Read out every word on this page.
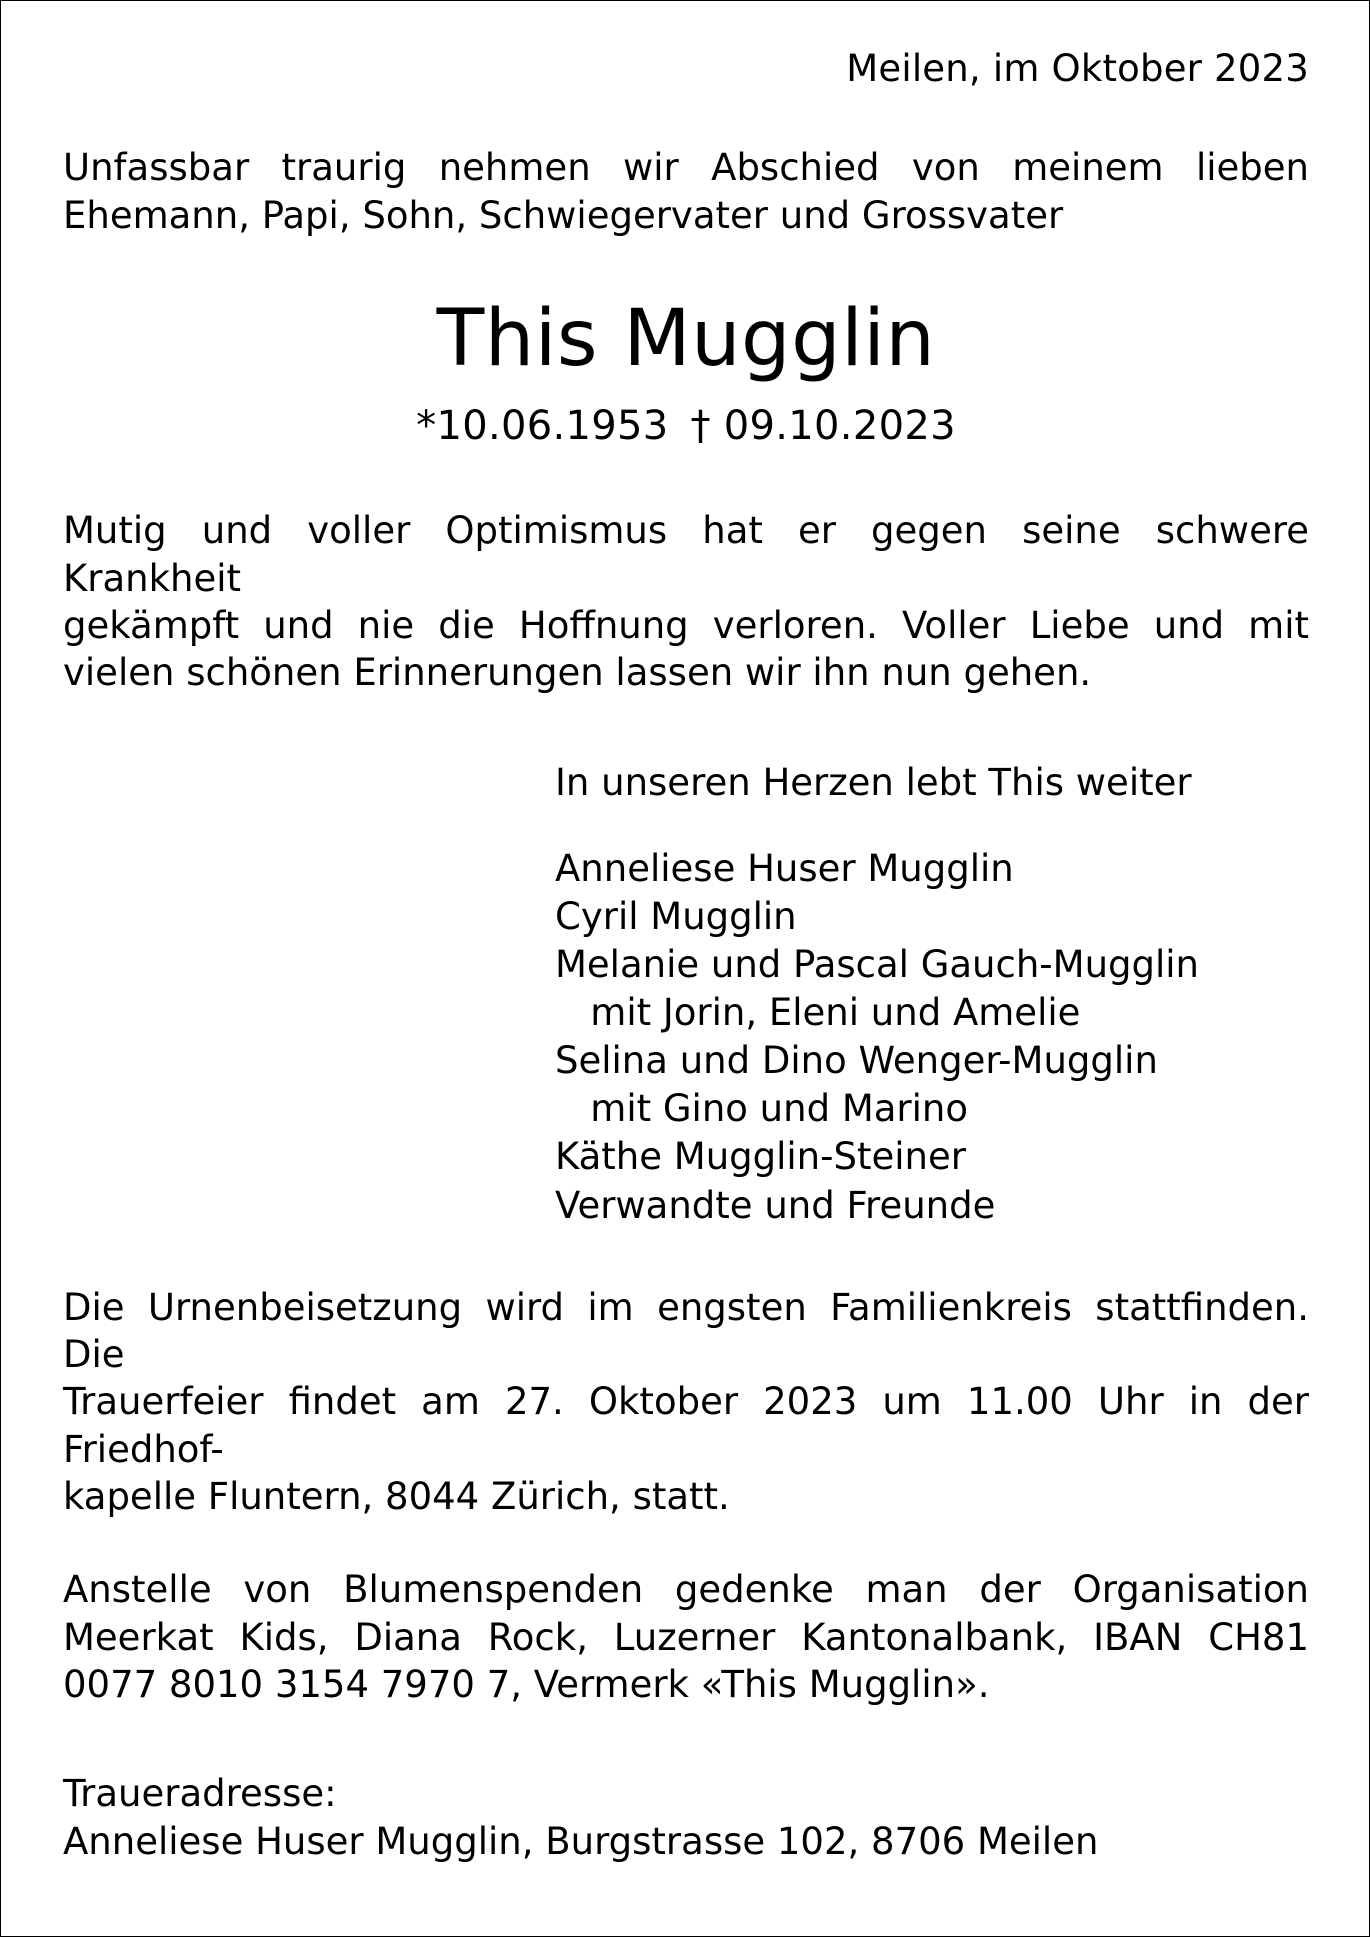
Meilen, im Oktober 2023
Unfassbar traurig nehmen wir Abschied von meinem lieben
Ehemann, Papi, Sohn, Schwiegervater und Grossvater
This Mugglin
*10.06.1953 † 09.10.2023
Mutig und voller Optimismus hat er gegen seine schwere Krankheit
gekämpft und nie die Hoffnung verloren. Voller Liebe und mit
vielen schönen Erinnerungen lassen wir ihn nun gehen.
In unseren Herzen lebt This weiter
Anneliese Huser Mugglin
Cyril Mugglin
Melanie und Pascal Gauch-Mugglin
mit Jorin, Eleni und Amelie
Selina und Dino Wenger-Mugglin
mit Gino und Marino
Käthe Mugglin-Steiner
Verwandte und Freunde
Die Urnenbeisetzung wird im engsten Familienkreis stattfinden. Die
Trauerfeier findet am 27. Oktober 2023 um 11.00 Uhr in der Friedhof-
kapelle Fluntern, 8044 Zürich, statt.
Anstelle von Blumenspenden gedenke man der Organisation
Meerkat Kids, Diana Rock, Luzerner Kantonalbank, IBAN CH81
0077 8010 3154 7970 7, Vermerk «This Mugglin».
Traueradresse:
Anneliese Huser Mugglin, Burgstrasse 102, 8706 Meilen
